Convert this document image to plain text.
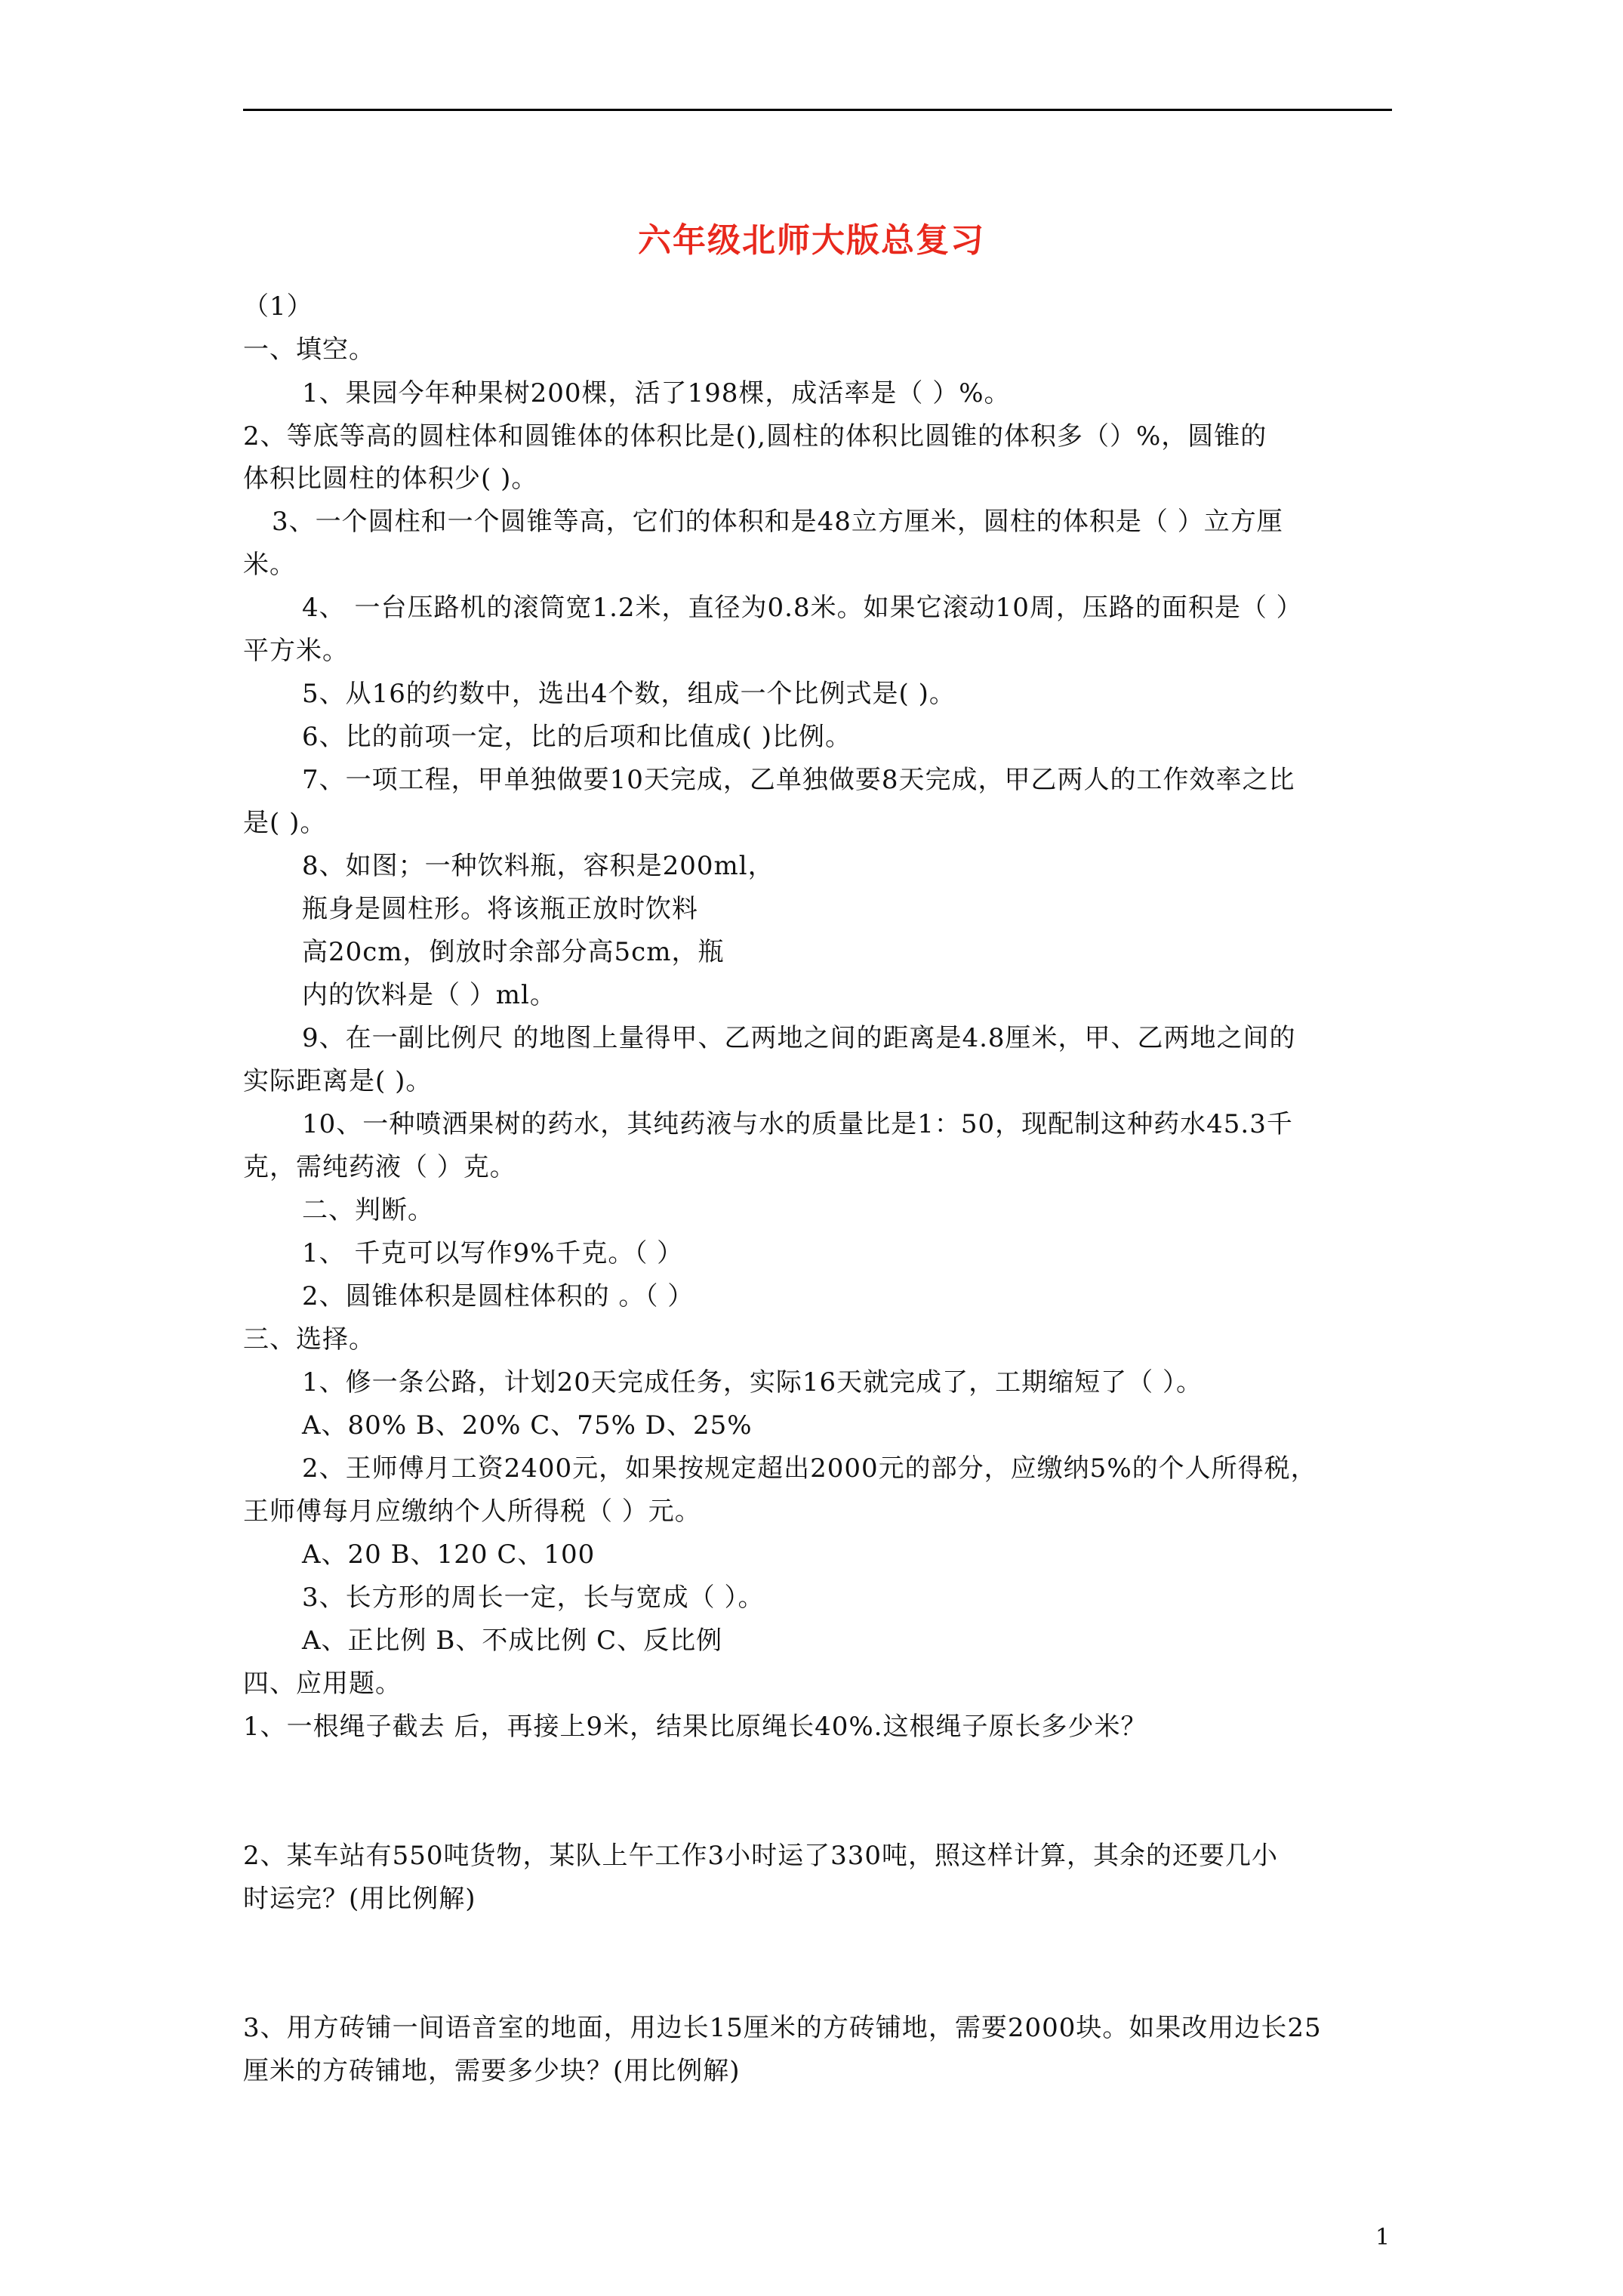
六年级北师大版总复习
（1）
一、填空。
1、果园今年种果树200棵，活了198棵，成活率是（ ）%。
2、等底等高的圆柱体和圆锥体的体积比是(),圆柱的体积比圆锥的体积多（）%，圆锥的
体积比圆柱的体积少( )。
3、一个圆柱和一个圆锥等高，它们的体积和是48立方厘米，圆柱的体积是（ ）立方厘
米。
4、 一台压路机的滚筒宽1.2米，直径为0.8米。如果它滚动10周，压路的面积是（ ）
平方米。
5、从16的约数中，选出4个数，组成一个比例式是( )。
6、比的前项一定，比的后项和比值成( )比例。
7、一项工程，甲单独做要10天完成，乙单独做要8天完成，甲乙两人的工作效率之比
是( )。
8、如图；一种饮料瓶，容积是200ml，
瓶身是圆柱形。将该瓶正放时饮料
高20cm，倒放时余部分高5cm，瓶
内的饮料是（ ）ml。
9、在一副比例尺 的地图上量得甲、乙两地之间的距离是4.8厘米，甲、乙两地之间的
实际距离是( )。
10、一种喷洒果树的药水，其纯药液与水的质量比是1：50，现配制这种药水45.3千
克，需纯药液（ ）克。
二、判断。
1、 千克可以写作9%千克。（ ）
2、圆锥体积是圆柱体积的 。（ ）
三、选择。
1、修一条公路，计划20天完成任务，实际16天就完成了，工期缩短了（ ）。
A、80% B、20% C、75% D、25%
2、王师傅月工资2400元，如果按规定超出2000元的部分，应缴纳5%的个人所得税，
王师傅每月应缴纳个人所得税（ ）元。
A、20 B、120 C、100
3、长方形的周长一定，长与宽成（ ）。
A、正比例 B、不成比例 C、反比例
四、应用题。
1、一根绳子截去 后，再接上9米，结果比原绳长40%.这根绳子原长多少米？
2、某车站有550吨货物，某队上午工作3小时运了330吨，照这样计算，其余的还要几小
时运完？(用比例解)
3、用方砖铺一间语音室的地面，用边长15厘米的方砖铺地，需要2000块。如果改用边长25
厘米的方砖铺地，需要多少块？(用比例解)
1
